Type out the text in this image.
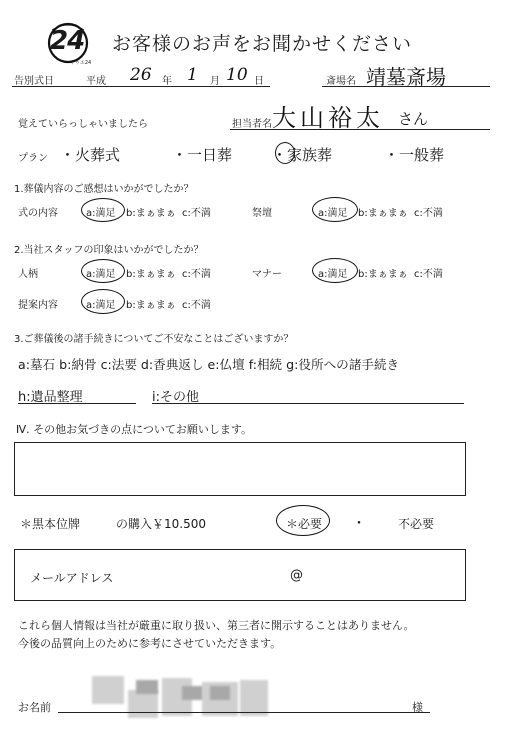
24
ドゥエ24
お客様のお声をお聞かせください
告別式日	平成 26 年 1 月 10 日	斎場名 靖墓斎場
覚えていらっしゃいましたら	担当者名 大山裕太 さん
プラン ・火葬式	・一日葬	・家族葬	・一般葬
1.葬儀内容のご感想はいかがでしたか？
式の内容	a:満足 b:まぁまぁ c:不満	祭壇	a:満足 b:まぁまぁ c:不満
2.当社スタッフの印象はいかがでしたか？
人柄	a:満足 b:まぁまぁ c:不満	マナー	a:満足 b:まぁまぁ c:不満
提案内容	a:満足 b:まぁまぁ c:不満
3.ご葬儀後の諸手続きについてご不安なことはございますか？
a:墓石 b:納骨 c:法要 d:香典返し e:仏壇 f:相続 g:役所への諸手続き
h:遺品整理	i:その他
Ⅳ. その他お気づきの点についてお願いします。
＊黒本位牌	の購入￥10.500	＊必要 ・	不必要
メールアドレス	@
これら個人情報は当社が厳重に取り扱い、第三者に開示することはありません。
今後の品質向上のために参考にさせていただきます。
お名前	様
